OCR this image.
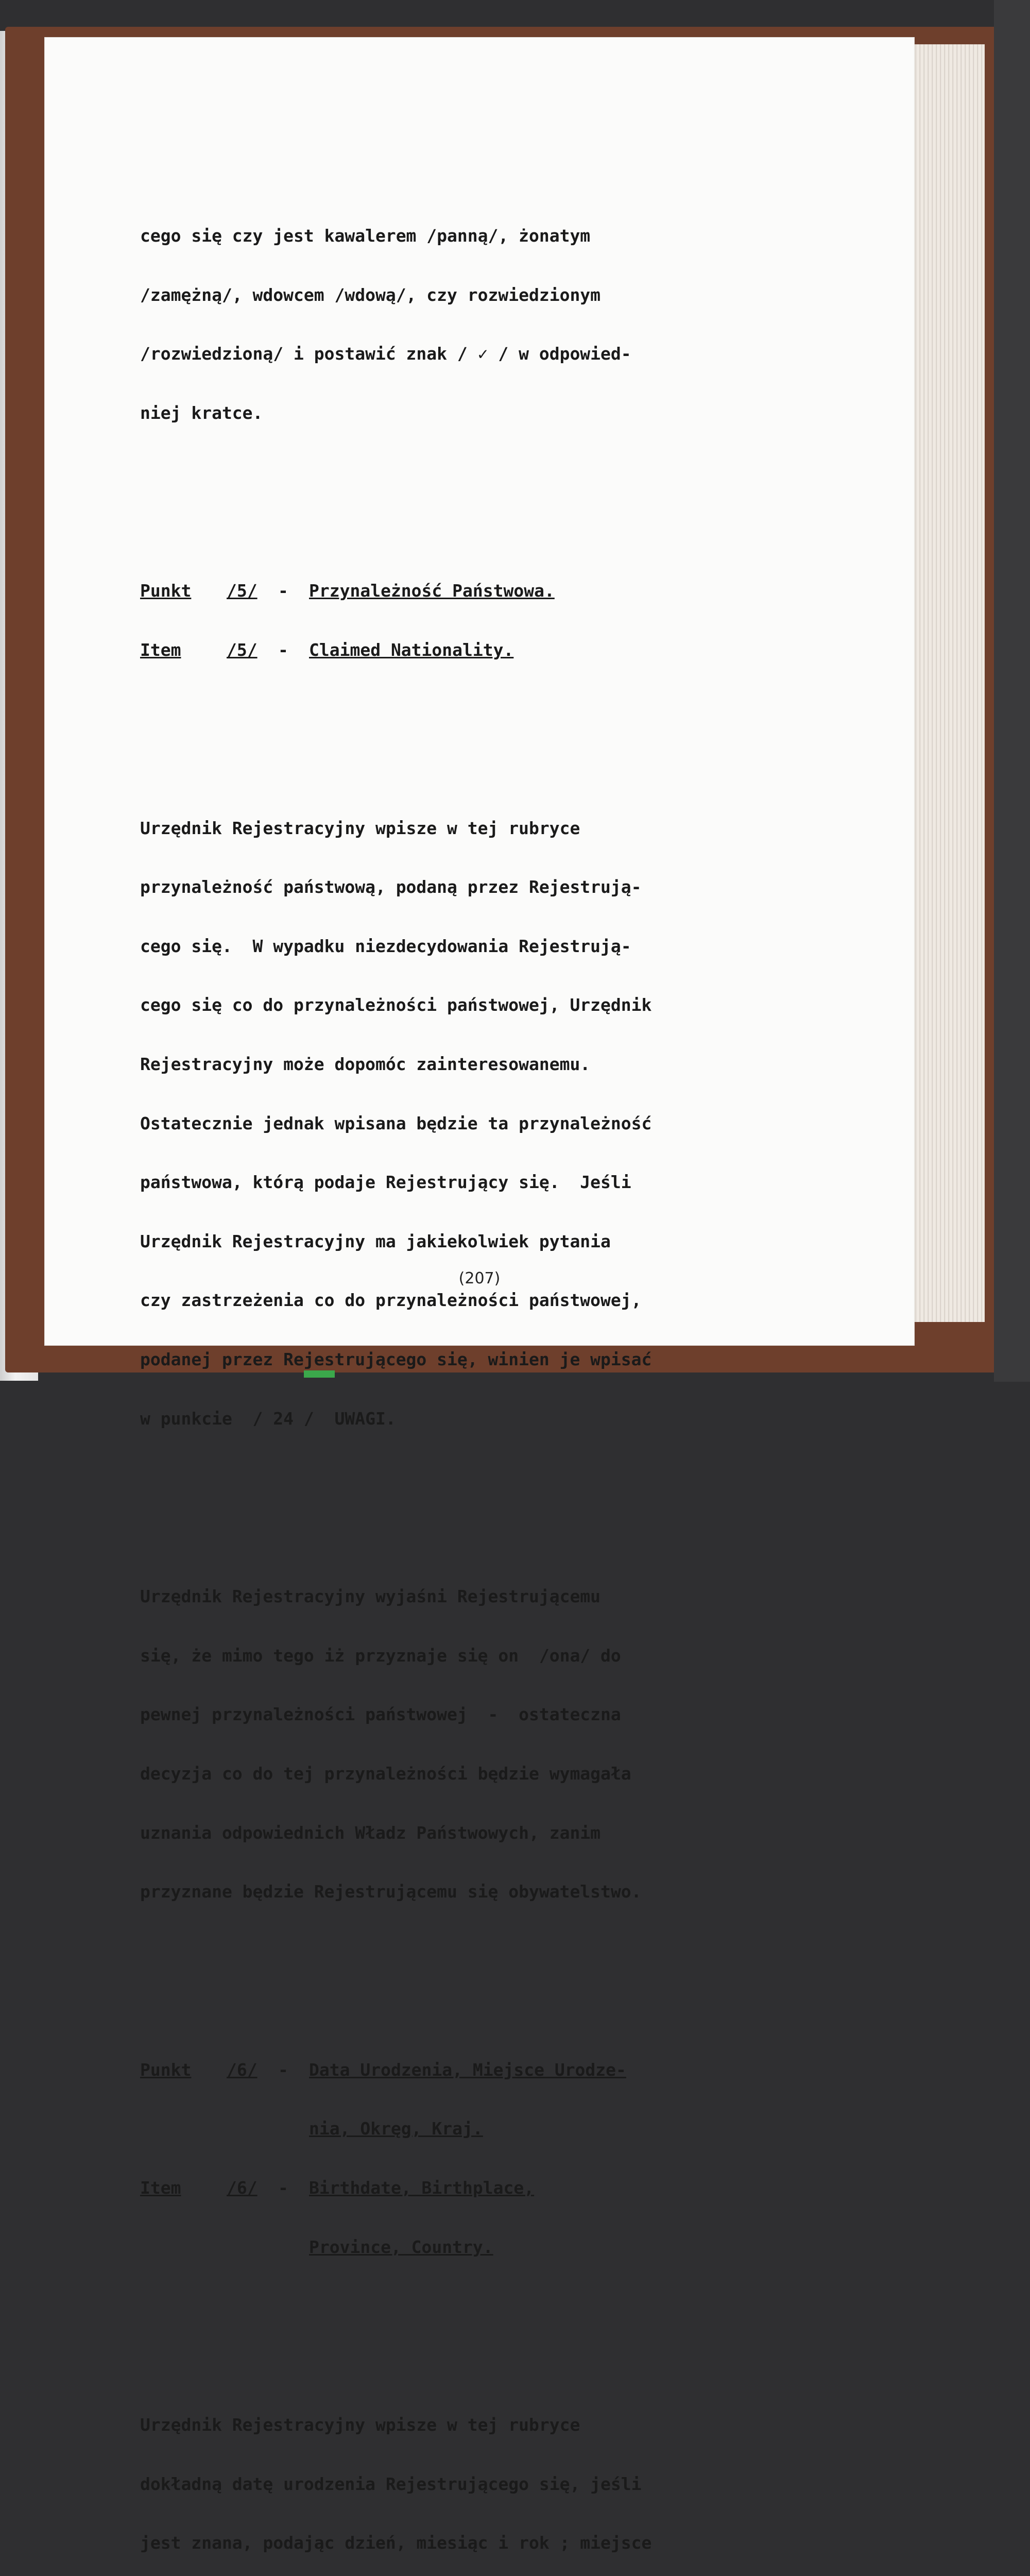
cego się czy jest kawalerem /panną/, żonatym

/zamężną/, wdowcem /wdową/, czy rozwiedzionym

/rozwiedzioną/ i postawić znak / ✓ / w odpowied-

niej kratce.

Punkt	/5/	-	Przynależność Państwowa.

Item	/5/	-	Claimed Nationality.

Urzędnik Rejestracyjny wpisze w tej rubryce

przynależność państwową, podaną przez Rejestrują-

cego się.  W wypadku niezdecydowania Rejestrują-

cego się co do przynależności państwowej, Urzędnik

Rejestracyjny może dopomóc zainteresowanemu.

Ostatecznie jednak wpisana będzie ta przynależność

państwowa, którą podaje Rejestrujący się.  Jeśli

Urzędnik Rejestracyjny ma jakiekolwiek pytania

czy zastrzeżenia co do przynależności państwowej,

podanej przez Rejestrującego się, winien je wpisać

w punkcie  / 24 /  UWAGI.

Urzędnik Rejestracyjny wyjaśni Rejestrującemu

się, że mimo tego iż przyznaje się on  /ona/ do

pewnej przynależności państwowej  -  ostateczna

decyzja co do tej przynależności będzie wymagała

uznania odpowiednich Władz Państwowych, zanim

przyznane będzie Rejestrującemu się obywatelstwo.

Punkt	/6/	-	Data Urodzenia, Miejsce Urodze-

nia, Okręg, Kraj.

Item	/6/	-	Birthdate, Birthplace,

Province, Country.

Urzędnik Rejestracyjny wpisze w tej rubryce

dokładną datę urodzenia Rejestrującego się, jeśli

jest znana, podając dzień, miesiąc i rok ; miejsce

(207)
